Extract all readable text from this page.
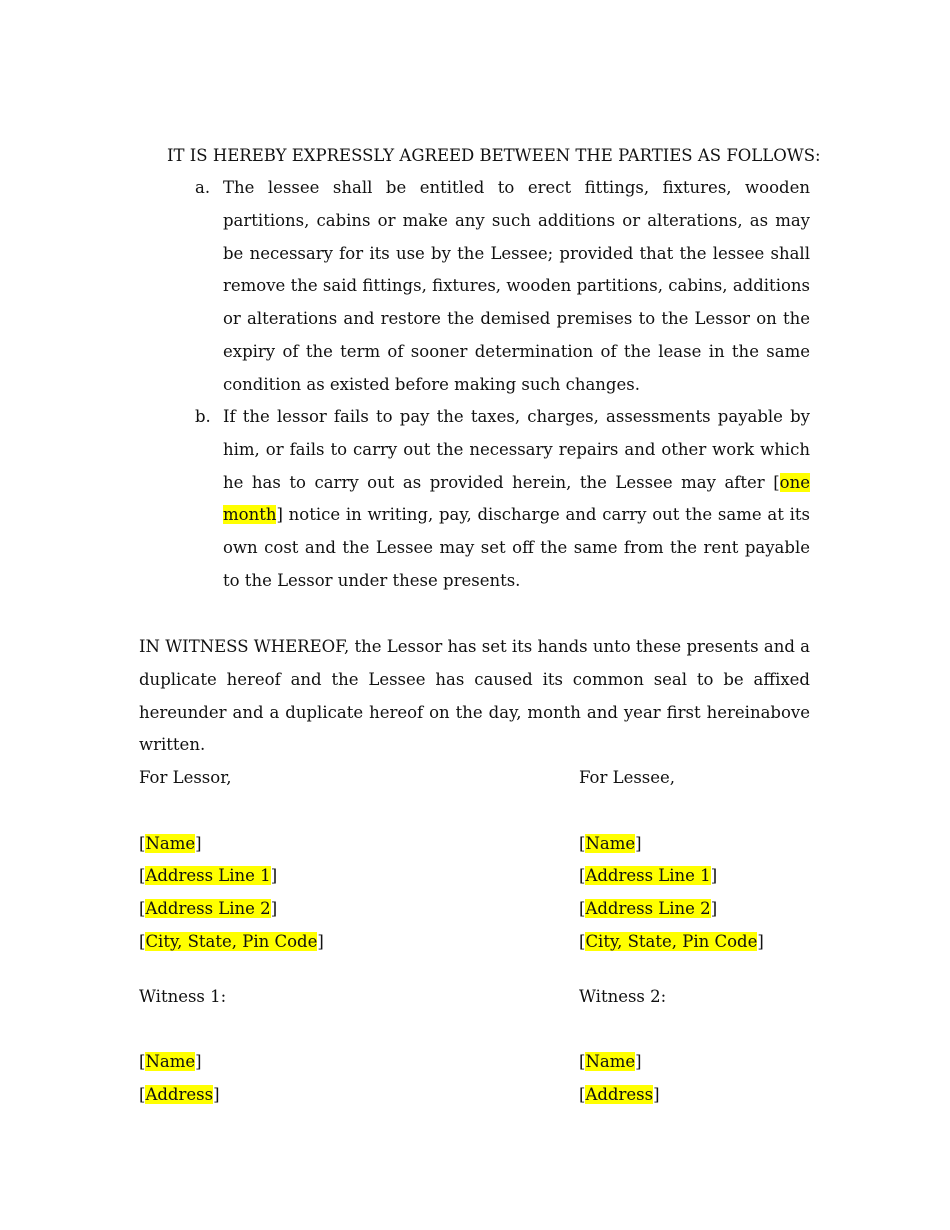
IT IS HEREBY EXPRESSLY AGREED BETWEEN THE PARTIES AS FOLLOWS:
a. The lessee shall be entitled to erect fittings, fixtures, wooden partitions, cabins or make any such additions or alterations, as may be necessary for its use by the Lessee; provided that the lessee shall remove the said fittings, fixtures, wooden partitions, cabins, additions or alterations and restore the demised premises to the Lessor on the expiry of the term of sooner determination of the lease in the same condition as existed before making such changes.
b. If the lessor fails to pay the taxes, charges, assessments payable by him, or fails to carry out the necessary repairs and other work which he has to carry out as provided herein, the Lessee may after [one month] notice in writing, pay, discharge and carry out the same at its own cost and the Lessee may set off the same from the rent payable to the Lessor under these presents.
IN WITNESS WHEREOF, the Lessor has set its hands unto these presents and a duplicate hereof and the Lessee has caused its common seal to be affixed hereunder and a duplicate hereof on the day, month and year first hereinabove written.
For Lessor,
[Name]
[Address Line 1]
[Address Line 2]
[City, State, Pin Code]
Witness 1:
[Name]
[Address]
For Lessee,
[Name]
[Address Line 1]
[Address Line 2]
[City, State, Pin Code]
Witness 2:
[Name]
[Address]
